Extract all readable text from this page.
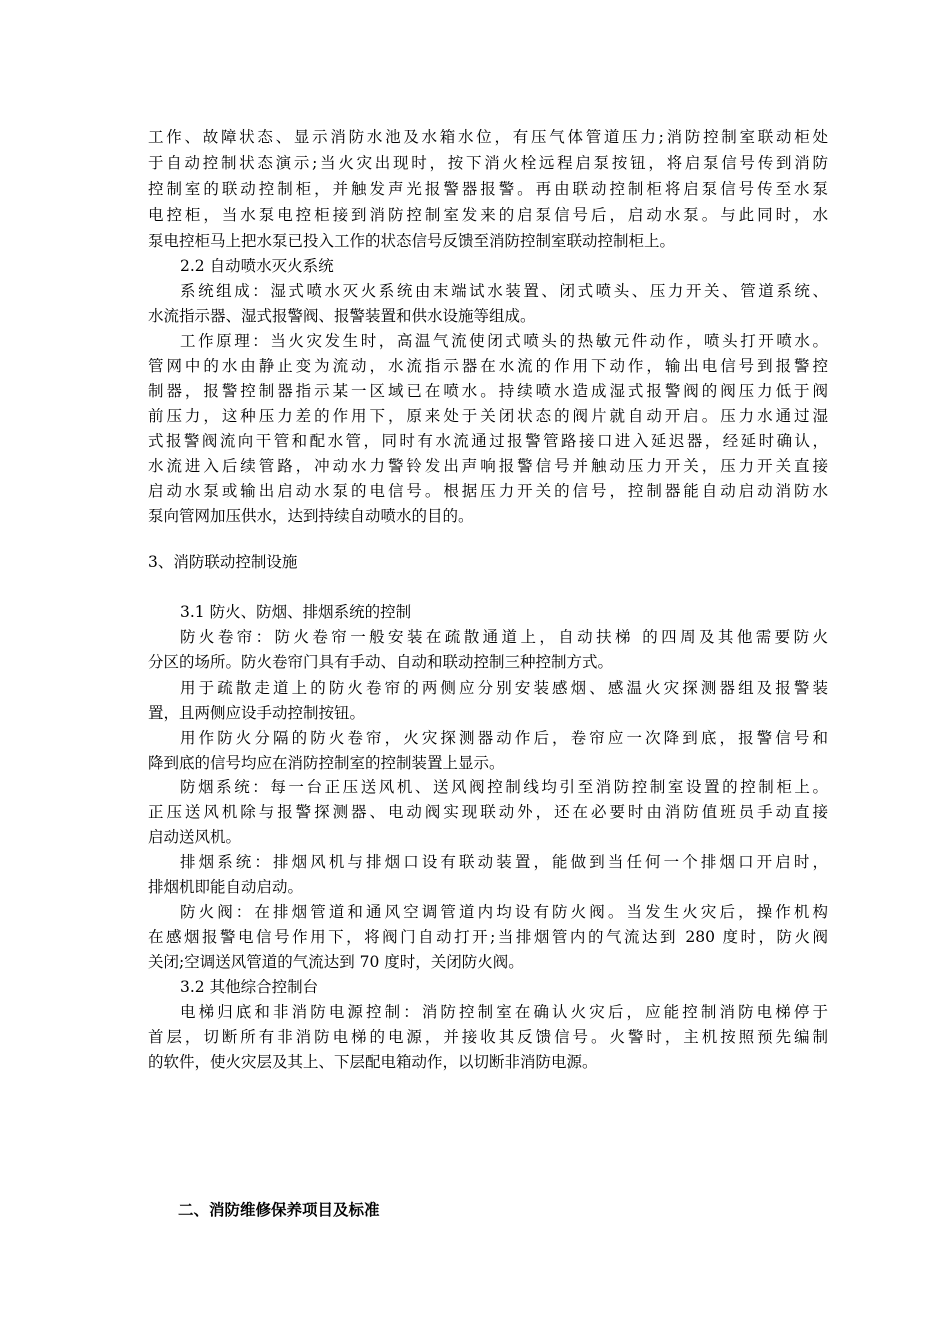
工作、故障状态、显示消防水池及水箱水位，有压气体管道压力;消防控制室联动柜处
于自动控制状态演示;当火灾出现时，按下消火栓远程启泵按钮，将启泵信号传到消防
控制室的联动控制柜，并触发声光报警器报警。再由联动控制柜将启泵信号传至水泵
电控柜，当水泵电控柜接到消防控制室发来的启泵信号后，启动水泵。与此同时，水
泵电控柜马上把水泵已投入工作的状态信号反馈至消防控制室联动控制柜上。
2.2 自动喷水灭火系统
系统组成：湿式喷水灭火系统由末端试水装置、闭式喷头、压力开关、管道系统、
水流指示器、湿式报警阀、报警装置和供水设施等组成。
工作原理：当火灾发生时，高温气流使闭式喷头的热敏元件动作，喷头打开喷水。
管网中的水由静止变为流动，水流指示器在水流的作用下动作，输出电信号到报警控
制器，报警控制器指示某一区域已在喷水。持续喷水造成湿式报警阀的阀压力低于阀
前压力，这种压力差的作用下，原来处于关闭状态的阀片就自动开启。压力水通过湿
式报警阀流向干管和配水管，同时有水流通过报警管路接口进入延迟器，经延时确认，
水流进入后续管路，冲动水力警铃发出声响报警信号并触动压力开关，压力开关直接
启动水泵或输出启动水泵的电信号。根据压力开关的信号，控制器能自动启动消防水
泵向管网加压供水，达到持续自动喷水的目的。
3、消防联动控制设施
3.1 防火、防烟、排烟系统的控制
防火卷帘：防火卷帘一般安装在疏散通道上，自动扶梯 的四周及其他需要防火
分区的场所。防火卷帘门具有手动、自动和联动控制三种控制方式。
用于疏散走道上的防火卷帘的两侧应分别安装感烟、感温火灾探测器组及报警装
置，且两侧应设手动控制按钮。
用作防火分隔的防火卷帘，火灾探测器动作后，卷帘应一次降到底，报警信号和
降到底的信号均应在消防控制室的控制装置上显示。
防烟系统：每一台正压送风机、送风阀控制线均引至消防控制室设置的控制柜上。
正压送风机除与报警探测器、电动阀实现联动外，还在必要时由消防值班员手动直接
启动送风机。
排烟系统：排烟风机与排烟口设有联动装置，能做到当任何一个排烟口开启时，
排烟机即能自动启动。
防火阀：在排烟管道和通风空调管道内均设有防火阀。当发生火灾后，操作机构
在感烟报警电信号作用下，将阀门自动打开;当排烟管内的气流达到 280 度时，防火阀
关闭;空调送风管道的气流达到 70 度时，关闭防火阀。
3.2 其他综合控制台
电梯归底和非消防电源控制：消防控制室在确认火灾后，应能控制消防电梯停于
首层，切断所有非消防电梯的电源，并接收其反馈信号。火警时，主机按照预先编制
的软件，使火灾层及其上、下层配电箱动作，以切断非消防电源。
二、消防维修保养项目及标准
